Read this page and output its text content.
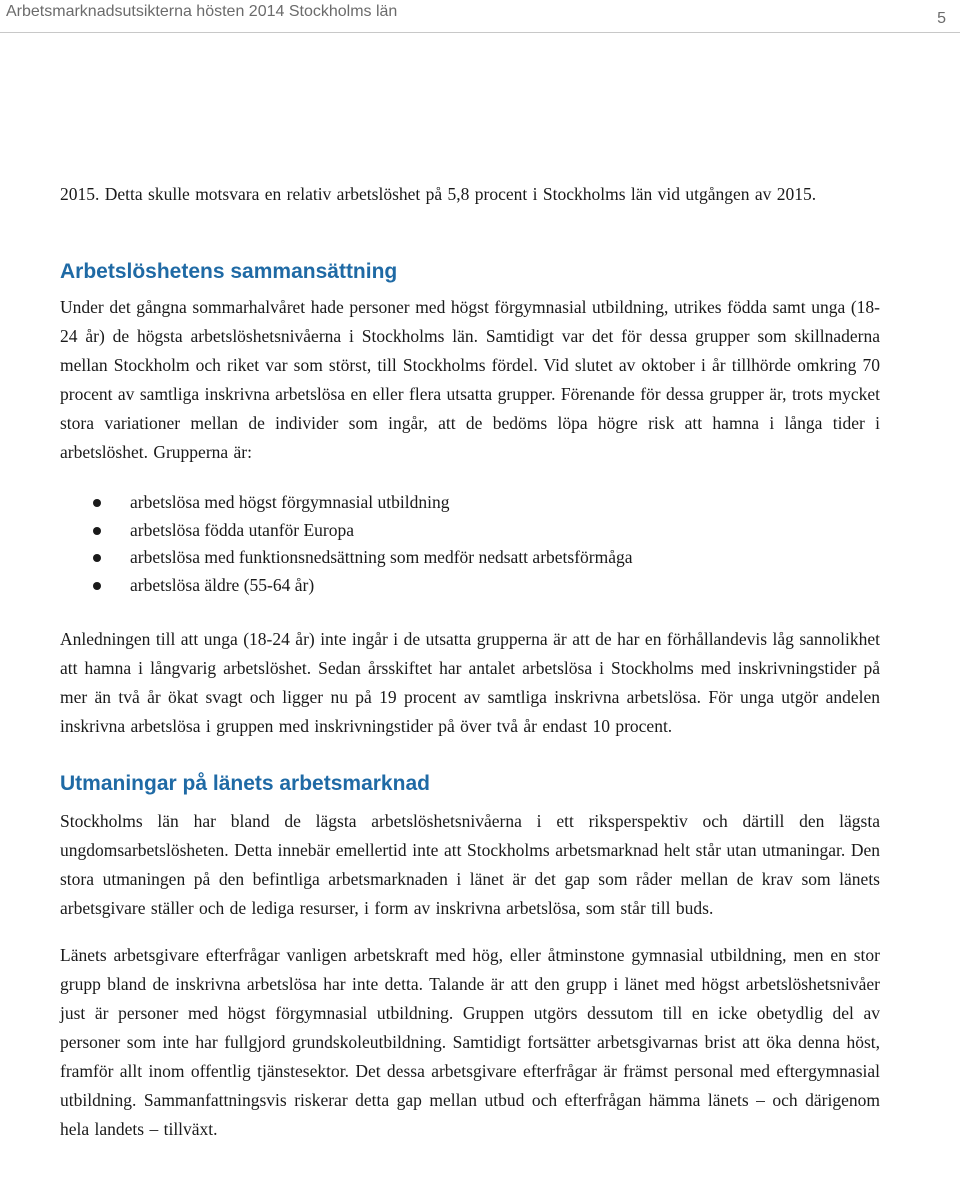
Arbetsmarknadsutsikterna hösten 2014 Stockholms län	5

2015. Detta skulle motsvara en relativ arbetslöshet på 5,8 procent i Stockholms län vid utgången av 2015.

Arbetslöshetens sammansättning

Under det gångna sommarhalvåret hade personer med högst förgymnasial utbildning, utrikes födda samt unga (18-24 år) de högsta arbetslöshetsnivåerna i Stockholms län. Samtidigt var det för dessa grupper som skillnaderna mellan Stockholm och riket var som störst, till Stockholms fördel. Vid slutet av oktober i år tillhörde omkring 70 procent av samtliga inskrivna arbetslösa en eller flera utsatta grupper. Förenande för dessa grupper är, trots mycket stora variationer mellan de individer som ingår, att de bedöms löpa högre risk att hamna i långa tider i arbetslöshet. Grupperna är:

arbetslösa med högst förgymnasial utbildning
arbetslösa födda utanför Europa
arbetslösa med funktionsnedsättning som medför nedsatt arbetsförmåga
arbetslösa äldre (55-64 år)

Anledningen till att unga (18-24 år) inte ingår i de utsatta grupperna är att de har en förhållandevis låg sannolikhet att hamna i långvarig arbetslöshet. Sedan årsskiftet har antalet arbetslösa i Stockholms med inskrivningstider på mer än två år ökat svagt och ligger nu på 19 procent av samtliga inskrivna arbetslösa. För unga utgör andelen inskrivna arbetslösa i gruppen med inskrivningstider på över två år endast 10 procent.

Utmaningar på länets arbetsmarknad

Stockholms län har bland de lägsta arbetslöshetsnivåerna i ett riksperspektiv och därtill den lägsta ungdomsarbetslösheten. Detta innebär emellertid inte att Stockholms arbetsmarknad helt står utan utmaningar. Den stora utmaningen på den befintliga arbetsmarknaden i länet är det gap som råder mellan de krav som länets arbetsgivare ställer och de lediga resurser, i form av inskrivna arbetslösa, som står till buds.

Länets arbetsgivare efterfrågar vanligen arbetskraft med hög, eller åtminstone gymnasial utbildning, men en stor grupp bland de inskrivna arbetslösa har inte detta. Talande är att den grupp i länet med högst arbetslöshetsnivåer just är personer med högst förgymnasial utbildning. Gruppen utgörs dessutom till en icke obetydlig del av personer som inte har fullgjord grundskoleutbildning. Samtidigt fortsätter arbetsgivarnas brist att öka denna höst, framför allt inom offentlig tjänstesektor. Det dessa arbetsgivare efterfrågar är främst personal med eftergymnasial utbildning. Sammanfattningsvis riskerar detta gap mellan utbud och efterfrågan hämma länets – och därigenom hela landets – tillväxt.
